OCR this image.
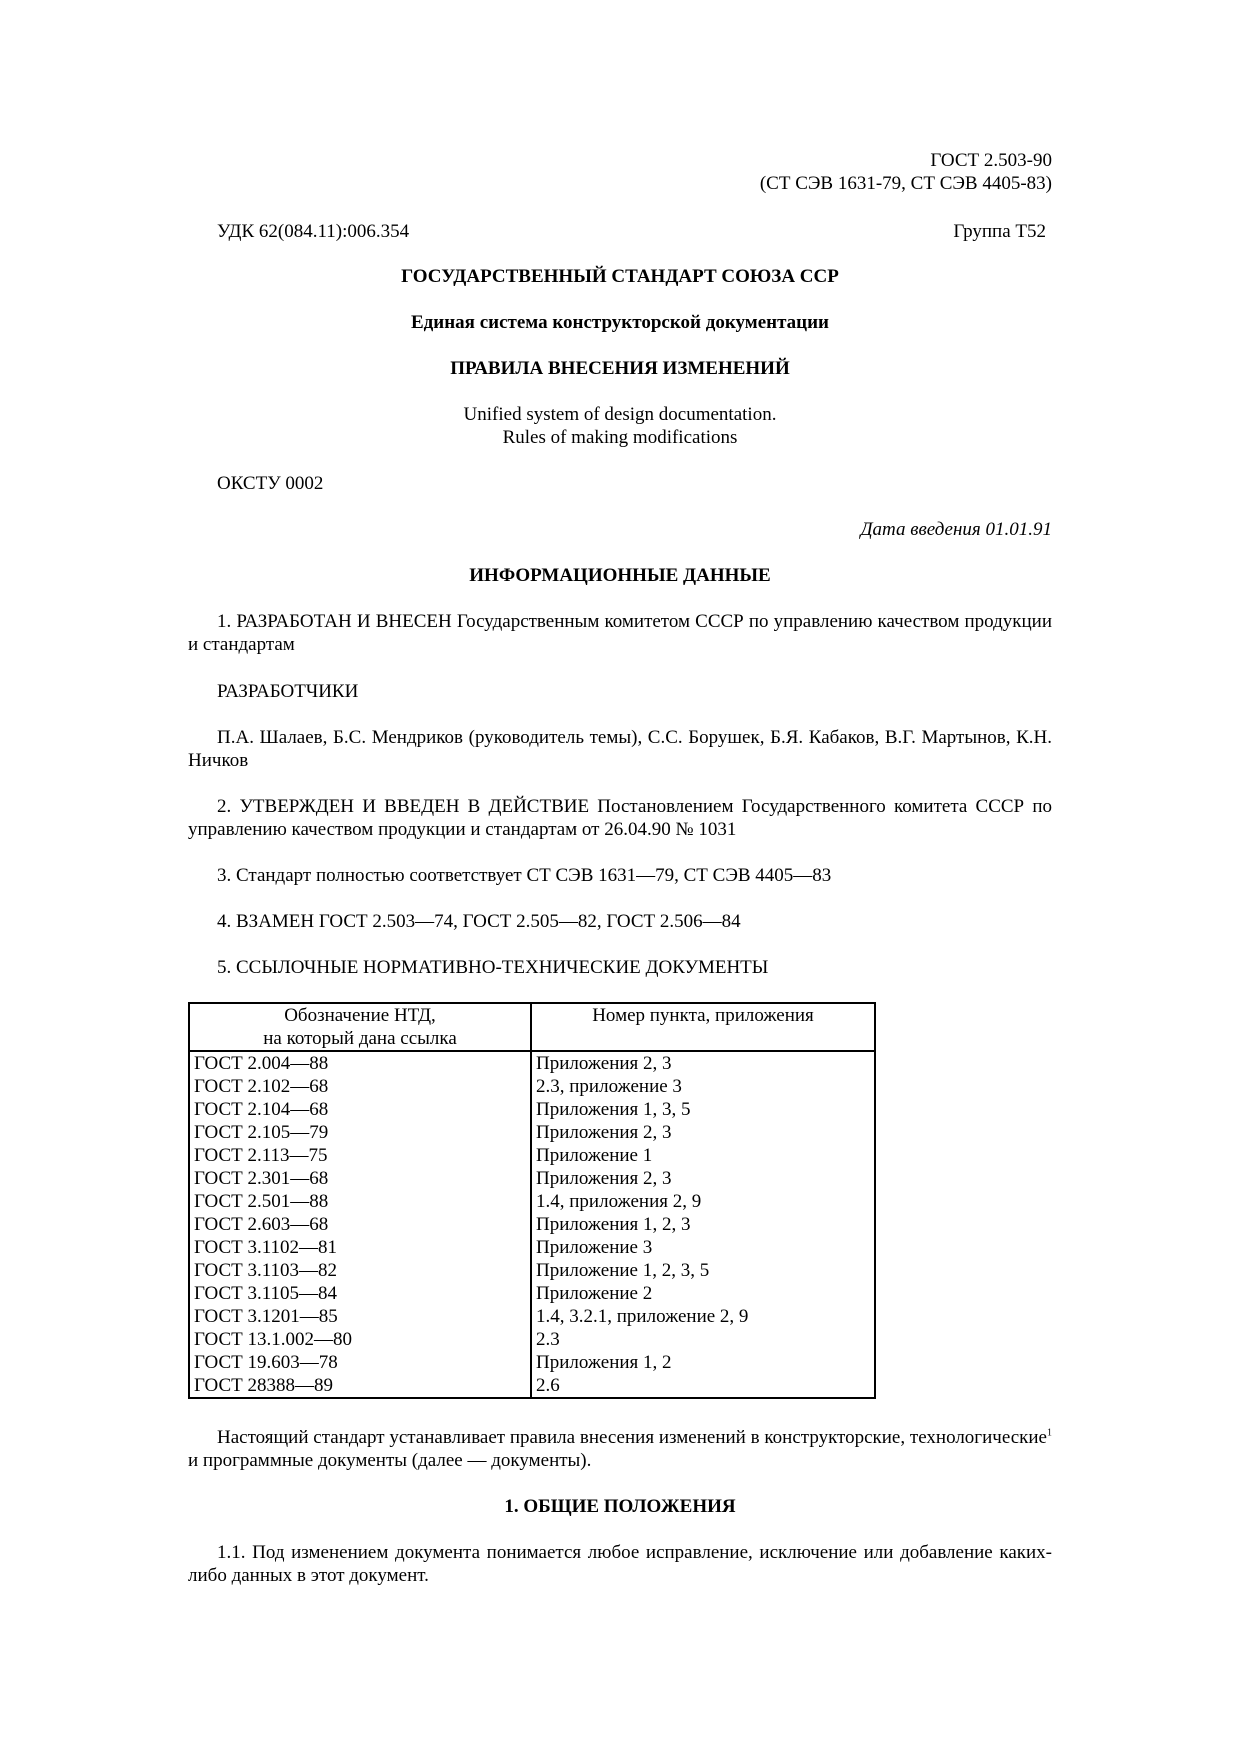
ГОСТ 2.503-90
(СТ СЭВ 1631-79, СТ СЭВ 4405-83)
УДК 62(084.11):006.354	Группа Т52
ГОСУДАРСТВЕННЫЙ СТАНДАРТ СОЮЗА ССР
Единая система конструкторской документации
ПРАВИЛА ВНЕСЕНИЯ ИЗМЕНЕНИЙ
Unified system of design documentation.
Rules of making modifications
ОКСТУ 0002
Дата введения 01.01.91
ИНФОРМАЦИОННЫЕ ДАННЫЕ
1. РАЗРАБОТАН И ВНЕСЕН Государственным комитетом СССР по управлению качеством продукции и стандартам
РАЗРАБОТЧИКИ
П.А. Шалаев, Б.С. Мендриков (руководитель темы), С.С. Борушек, Б.Я. Кабаков, В.Г. Мартынов, К.Н. Ничков
2. УТВЕРЖДЕН И ВВЕДЕН В ДЕЙСТВИЕ Постановлением Государственного комитета СССР по управлению качеством продукции и стандартам от 26.04.90 № 1031
3. Стандарт полностью соответствует СТ СЭВ 1631—79, СТ СЭВ 4405—83
4. ВЗАМЕН ГОСТ 2.503—74, ГОСТ 2.505—82, ГОСТ 2.506—84
5. ССЫЛОЧНЫЕ НОРМАТИВНО-ТЕХНИЧЕСКИЕ ДОКУМЕНТЫ
Обозначение НТД,
на который дана ссылка	Номер пункта, приложения
ГОСТ 2.004—88	Приложения 2, 3
ГОСТ 2.102—68	2.3, приложение 3
ГОСТ 2.104—68	Приложения 1, 3, 5
ГОСТ 2.105—79	Приложения 2, 3
ГОСТ 2.113—75	Приложение 1
ГОСТ 2.301—68	Приложения 2, 3
ГОСТ 2.501—88	1.4, приложения 2, 9
ГОСТ 2.603—68	Приложения 1, 2, 3
ГОСТ 3.1102—81	Приложение 3
ГОСТ 3.1103—82	Приложение 1, 2, 3, 5
ГОСТ 3.1105—84	Приложение 2
ГОСТ 3.1201—85	1.4, 3.2.1, приложение 2, 9
ГОСТ 13.1.002—80	2.3
ГОСТ 19.603—78	Приложения 1, 2
ГОСТ 28388—89	2.6
Настоящий стандарт устанавливает правила внесения изменений в конструкторские, технологические$^1$ и программные документы (далее — документы).
1. ОБЩИЕ ПОЛОЖЕНИЯ
1.1. Под изменением документа понимается любое исправление, исключение или добавление каких-либо данных в этот документ.
